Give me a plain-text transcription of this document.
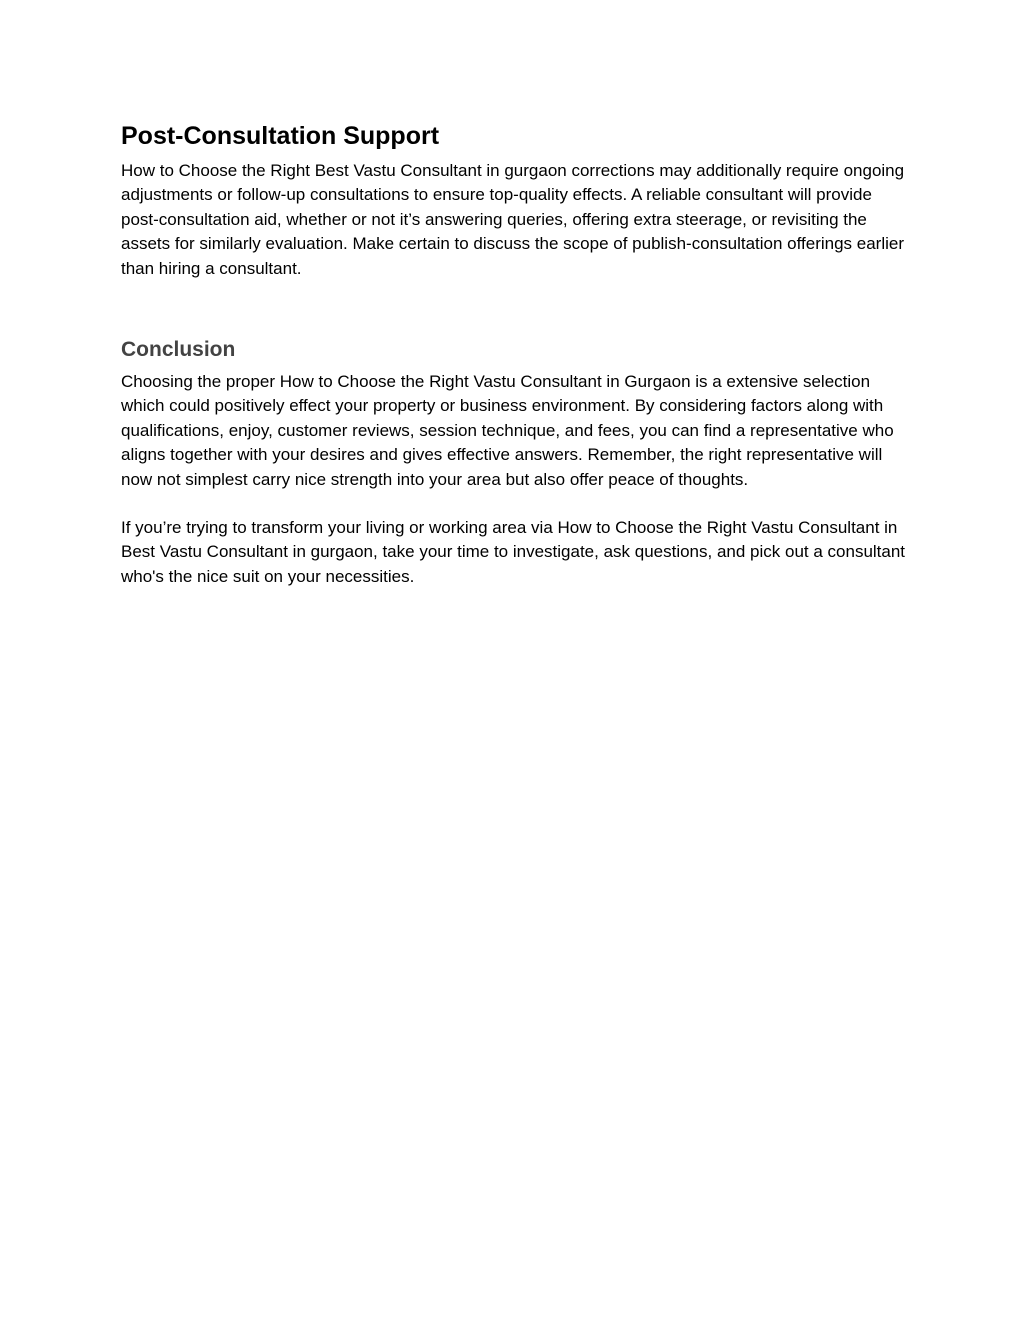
Post-Consultation Support

How to Choose the Right Best Vastu Consultant in gurgaon corrections may additionally require ongoing adjustments or follow-up consultations to ensure top-quality effects. A reliable consultant will provide post-consultation aid, whether or not it’s answering queries, offering extra steerage, or revisiting the assets for similarly evaluation. Make certain to discuss the scope of publish-consultation offerings earlier than hiring a consultant.

Conclusion

Choosing the proper How to Choose the Right Vastu Consultant in Gurgaon is a extensive selection which could positively effect your property or business environment. By considering factors along with qualifications, enjoy, customer reviews, session technique, and fees, you can find a representative who aligns together with your desires and gives effective answers. Remember, the right representative will now not simplest carry nice strength into your area but also offer peace of thoughts.

If you’re trying to transform your living or working area via How to Choose the Right Vastu Consultant in Best Vastu Consultant in gurgaon, take your time to investigate, ask questions, and pick out a consultant who's the nice suit on your necessities.
